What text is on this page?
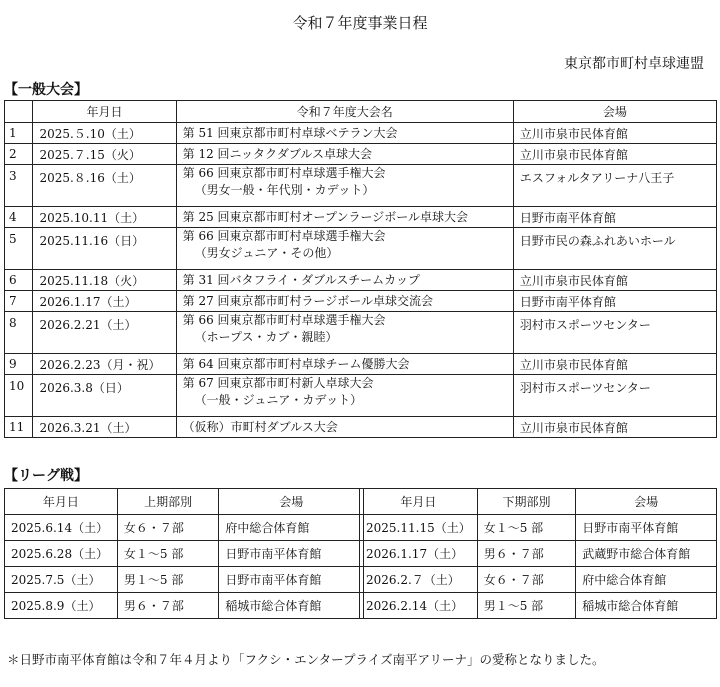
令和７年度事業日程
東京都市町村卓球連盟
【一般大会】
	年月日	令和７年度大会名	会場
1	2025.５.10（土）	第 51 回東京都市町村卓球ベテラン大会	立川市泉市民体育館
2	2025.７.15（火）	第 12 回ニッタクダブルス卓球大会	立川市泉市民体育館
3	2025.８.16（土）	第 66 回東京都市町村卓球選手権大会
（男女一般・年代別・カデット）	エスフォルタアリーナ八王子
4	2025.10.11（土）	第 25 回東京都市町村オープンラージボール卓球大会	日野市南平体育館
5	2025.11.16（日）	第 66 回東京都市町村卓球選手権大会
（男女ジュニア・その他）	日野市民の森ふれあいホール
6	2025.11.18（火）	第 31 回バタフライ・ダブルスチームカップ	立川市泉市民体育館
7	2026.1.17（土）	第 27 回東京都市町村ラージボール卓球交流会	日野市南平体育館
8	2026.2.21（土）	第 66 回東京都市町村卓球選手権大会
（ホープス・カブ・親睦）	羽村市スポーツセンター
9	2026.2.23（月・祝）	第 64 回東京都市町村卓球チーム優勝大会	立川市泉市民体育館
10	2026.3.8（日）	第 67 回東京都市町村新人卓球大会
（一般・ジュニア・カデット）	羽村市スポーツセンター
11	2026.3.21（土）	（仮称）市町村ダブルス大会	立川市泉市民体育館
【リーグ戦】
年月日	上期部別	会場
2025.6.14（土）	女６・７部	府中総合体育館
2025.6.28（土）	女１～5 部	日野市南平体育館
2025.7.5（土）	男１～5 部	日野市南平体育館
2025.8.9（土）	男６・７部	稲城市総合体育館
年月日	下期部別	会場
2025.11.15（土）	女１～5 部	日野市南平体育館
2026.1.17（土）	男６・７部	武蔵野市総合体育館
2026.2.７（土）	女６・７部	府中総合体育館
2026.2.14（土）	男１～5 部	稲城市総合体育館
＊日野市南平体育館は令和７年４月より「フクシ・エンタープライズ南平アリーナ」の愛称となりました。
